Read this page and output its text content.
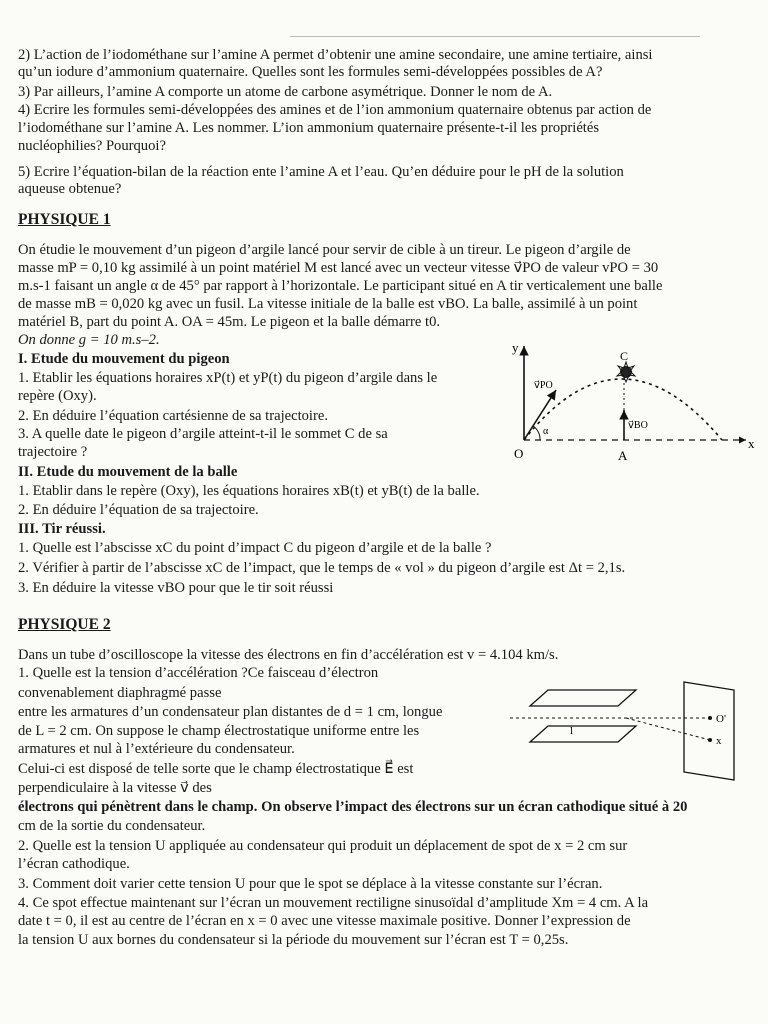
2) L’action de l’iodométhane sur l’amine A permet d’obtenir une amine secondaire, une amine tertiaire, ainsi
qu’un iodure d’ammonium quaternaire. Quelles sont les formules semi-développées possibles de A?
3) Par ailleurs, l’amine A comporte un atome de carbone asymétrique. Donner le nom de A.
4) Ecrire les formules semi-développées des amines et de l’ion ammonium quaternaire obtenus par action de
l’iodométhane sur l’amine A. Les nommer. L’ion ammonium quaternaire présente-t-il les propriétés
nucléophilies? Pourquoi?
5) Ecrire l’équation-bilan de la réaction ente l’amine A et l’eau. Qu’en déduire pour le pH de la solution
aqueuse obtenue?
PHYSIQUE 1
On étudie le mouvement d’un pigeon d’argile lancé pour servir de cible à un tireur. Le pigeon d’argile de
masse mP = 0,10 kg assimilé à un point matériel M est lancé avec un vecteur vitesse v⃗PO de valeur vPO = 30
m.s-1 faisant un angle α de 45° par rapport à l’horizontale. Le participant situé en A tir verticalement une balle
de masse mB = 0,020 kg avec un fusil. La vitesse initiale de la balle est vBO. La balle, assimilé à un point
matériel B, part du point A. OA = 45m. Le pigeon et la balle démarre t0.
On donne g = 10 m.s–2.
I. Etude du mouvement du pigeon
1. Etablir les équations horaires xP(t) et yP(t) du pigeon d’argile dans le
repère (Oxy).
2. En déduire l’équation cartésienne de sa trajectoire.
3. A quelle date le pigeon d’argile atteint-t-il le sommet C de sa
trajectoire ?
II. Etude du mouvement de la balle
1. Etablir dans le repère (Oxy), les équations horaires xB(t) et yB(t) de la balle.
2. En déduire l’équation de sa trajectoire.
III. Tir réussi.
1. Quelle est l’abscisse xC du point d’impact C du pigeon d’argile et de la balle ?
2. Vérifier à partir de l’abscisse xC de l’impact, que le temps de « vol » du pigeon d’argile est Δt = 2,1s.
3. En déduire la vitesse vBO pour que le tir soit réussi
y
x
O	A
C
v⃗PO
v⃗BO
α
PHYSIQUE 2
Dans un tube d’oscilloscope la vitesse des électrons en fin d’accélération est v = 4.104 km/s.
1. Quelle est la tension d’accélération ?Ce faisceau d’électron
convenablement diaphragmé passe
entre les armatures d’un condensateur plan distantes de d = 1 cm, longue
de L = 2 cm. On suppose le champ électrostatique uniforme entre les
armatures et nul à l’extérieure du condensateur.
Celui-ci est disposé de telle sorte que le champ électrostatique E⃗ est
perpendiculaire à la vitesse v⃗ des
électrons qui pénètrent dans le champ. On observe l’impact des électrons sur un écran cathodique situé à 20
cm de la sortie du condensateur.
2. Quelle est la tension U appliquée au condensateur qui produit un déplacement de spot de x = 2 cm sur
l’écran cathodique.
3. Comment doit varier cette tension U pour que le spot se déplace à la vitesse constante sur l’écran.
4. Ce spot effectue maintenant sur l’écran un mouvement rectiligne sinusoïdal d’amplitude Xm = 4 cm. A la
date t = 0, il est au centre de l’écran en x = 0 avec une vitesse maximale positive. Donner l’expression de
la tension U aux bornes du condensateur si la période du mouvement sur l’écran est T = 0,25s.
l
O'
x
